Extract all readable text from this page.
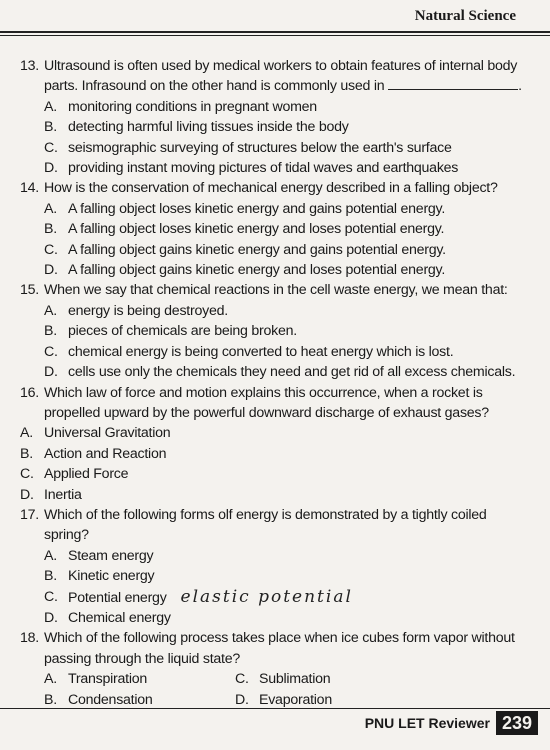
Natural Science
13. Ultrasound is often used by medical workers to obtain features of internal body parts. Infrasound on the other hand is commonly used in	.
A. monitoring conditions in pregnant women
B. detecting harmful living tissues inside the body
C. seismographic surveying of structures below the earth's surface
D. providing instant moving pictures of tidal waves and earthquakes
14. How is the conservation of mechanical energy described in a falling object?
A. A falling object loses kinetic energy and gains potential energy.
B. A falling object loses kinetic energy and loses potential energy.
C. A falling object gains kinetic energy and gains potential energy.
D. A falling object gains kinetic energy and loses potential energy.
15. When we say that chemical reactions in the cell waste energy, we mean that:
A. energy is being destroyed.
B. pieces of chemicals are being broken.
C. chemical energy is being converted to heat energy which is lost.
D. cells use only the chemicals they need and get rid of all excess chemicals.
16. Which law of force and motion explains this occurrence, when a rocket is propelled upward by the powerful downward discharge of exhaust gases?
A. Universal Gravitation
B. Action and Reaction
C. Applied Force
D. Inertia
17. Which of the following forms olf energy is demonstrated by a tightly coiled spring?
A. Steam energy
B. Kinetic energy
C. Potential energy elastic potential
D. Chemical energy
18. Which of the following process takes place when ice cubes form vapor without passing through the liquid state?
A. Transpiration
B. Condensation
C. Sublimation
D. Evaporation
PNU LET Reviewer 239
